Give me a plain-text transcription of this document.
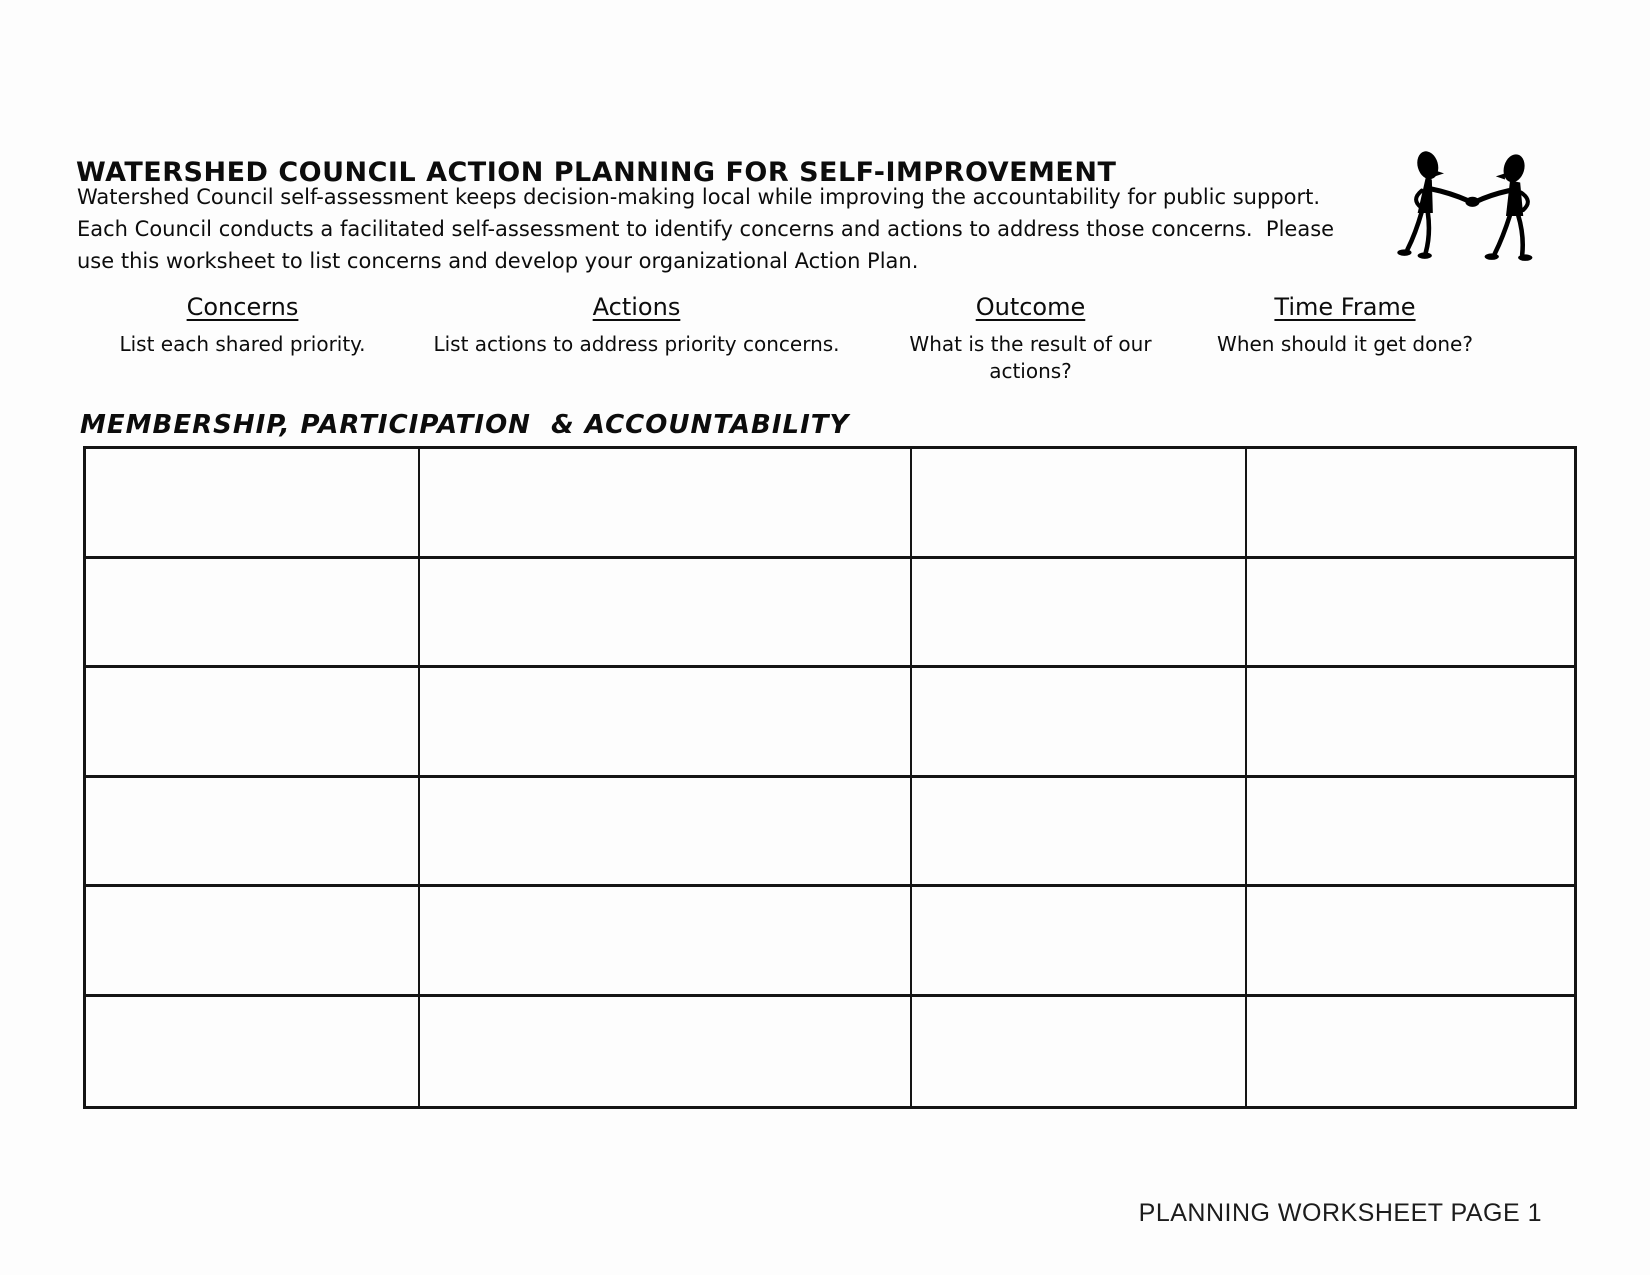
WATERSHED COUNCIL ACTION PLANNING FOR SELF-IMPROVEMENT
Watershed Council self-assessment keeps decision-making local while improving the accountability for public support.
Each Council conducts a facilitated self-assessment to identify concerns and actions to address those concerns.  Please
use this worksheet to list concerns and develop your organizational Action Plan.
Concerns
List each shared priority.
Actions
List actions to address priority concerns.
Outcome
What is the result of our actions?
Time Frame
When should it get done?
MEMBERSHIP, PARTICIPATION  & ACCOUNTABILITY
PLANNING WORKSHEET PAGE 1
